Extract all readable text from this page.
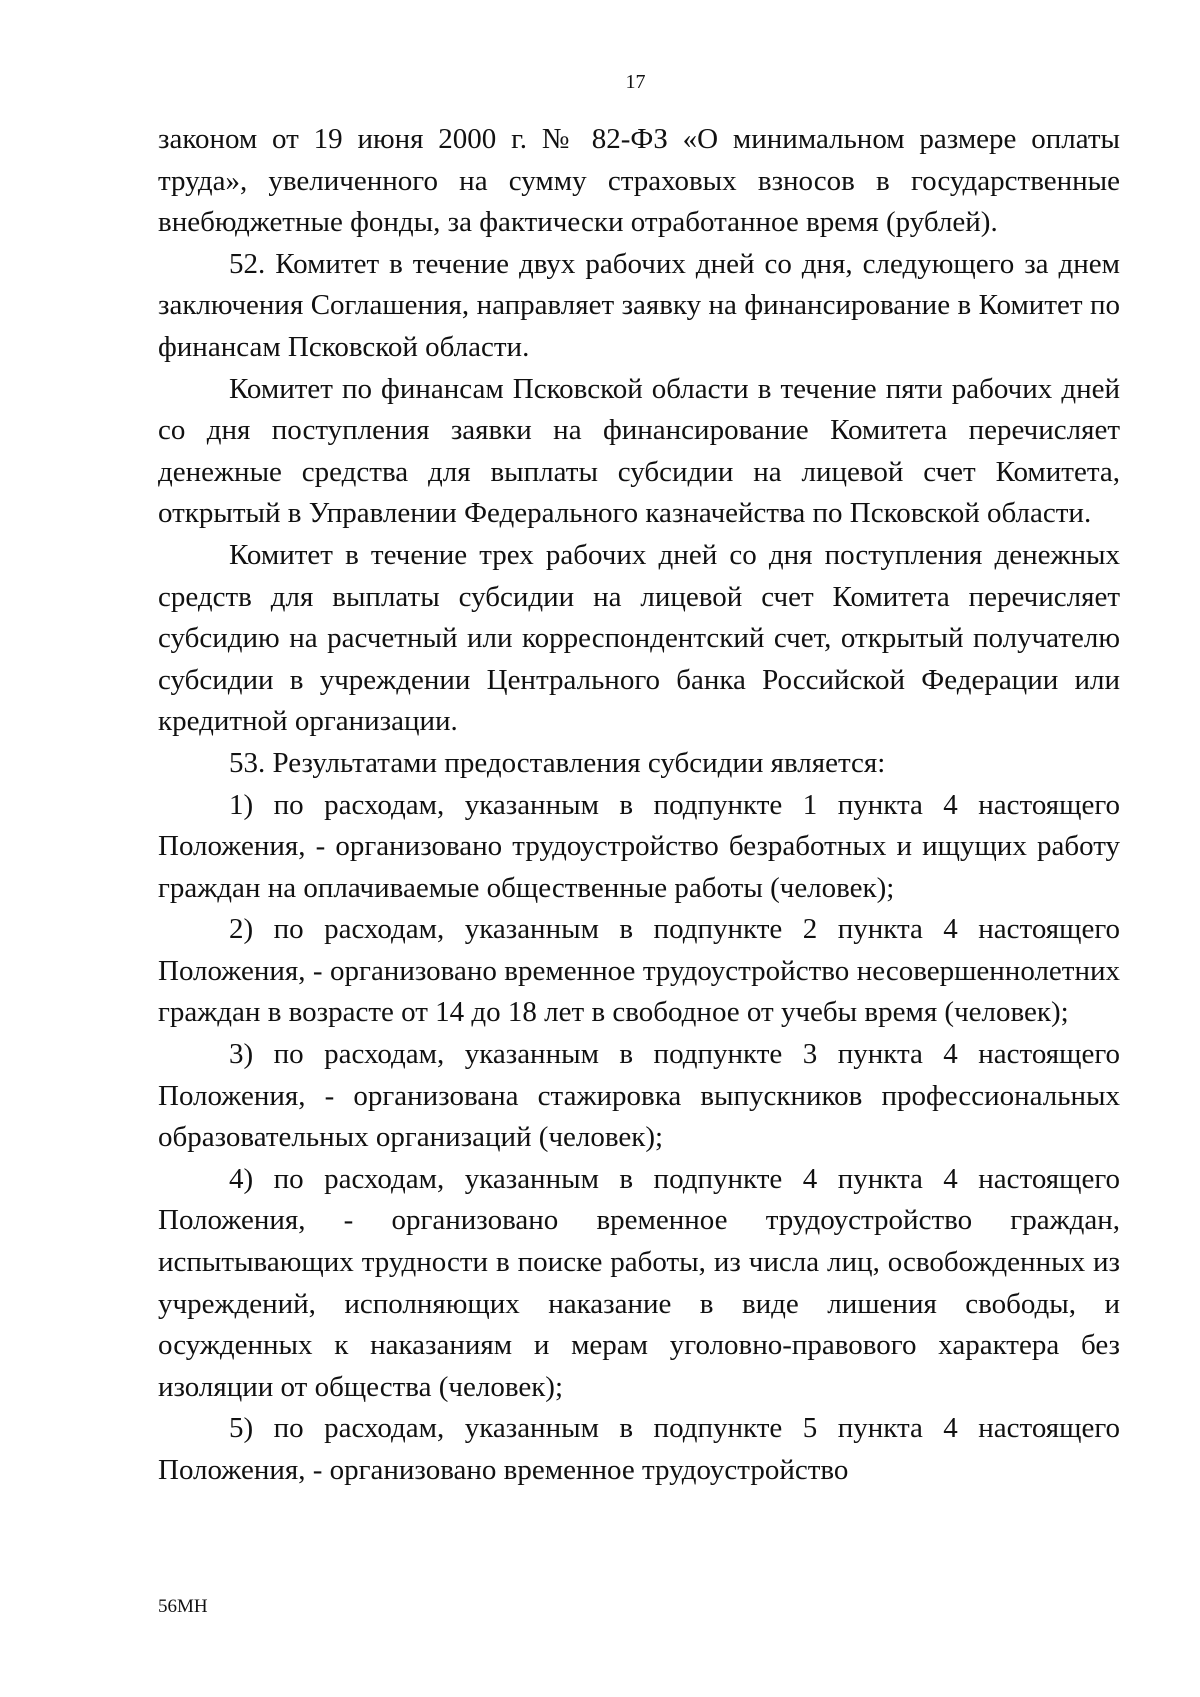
17

законом от 19 июня 2000 г. № 82-ФЗ «О минимальном размере оплаты труда», увеличенного на сумму страховых взносов в государственные внебюджетные фонды, за фактически отработанное время (рублей).

52. Комитет в течение двух рабочих дней со дня, следующего за днем заключения Соглашения, направляет заявку на финансирование в Комитет по финансам Псковской области.

Комитет по финансам Псковской области в течение пяти рабочих дней со дня поступления заявки на финансирование Комитета перечисляет денежные средства для выплаты субсидии на лицевой счет Комитета, открытый в Управлении Федерального казначейства по Псковской области.

Комитет в течение трех рабочих дней со дня поступления денежных средств для выплаты субсидии на лицевой счет Комитета перечисляет субсидию на расчетный или корреспондентский счет, открытый получателю субсидии в учреждении Центрального банка Российской Федерации или кредитной организации.

53. Результатами предоставления субсидии является:

1) по расходам, указанным в подпункте 1 пункта 4 настоящего Положения, - организовано трудоустройство безработных и ищущих работу граждан на оплачиваемые общественные работы (человек);

2) по расходам, указанным в подпункте 2 пункта 4 настоящего Положения, - организовано временное трудоустройство несовершеннолетних граждан в возрасте от 14 до 18 лет в свободное от учебы время (человек);

3) по расходам, указанным в подпункте 3 пункта 4 настоящего Положения, - организована стажировка выпускников профессиональных образовательных организаций (человек);

4) по расходам, указанным в подпункте 4 пункта 4 настоящего Положения, - организовано временное трудоустройство граждан, испытывающих трудности в поиске работы, из числа лиц, освобожденных из учреждений, исполняющих наказание в виде лишения свободы, и осужденных к наказаниям и мерам уголовно-правового характера без изоляции от общества (человек);

5) по расходам, указанным в подпункте 5 пункта 4 настоящего Положения, - организовано временное трудоустройство

56МН
